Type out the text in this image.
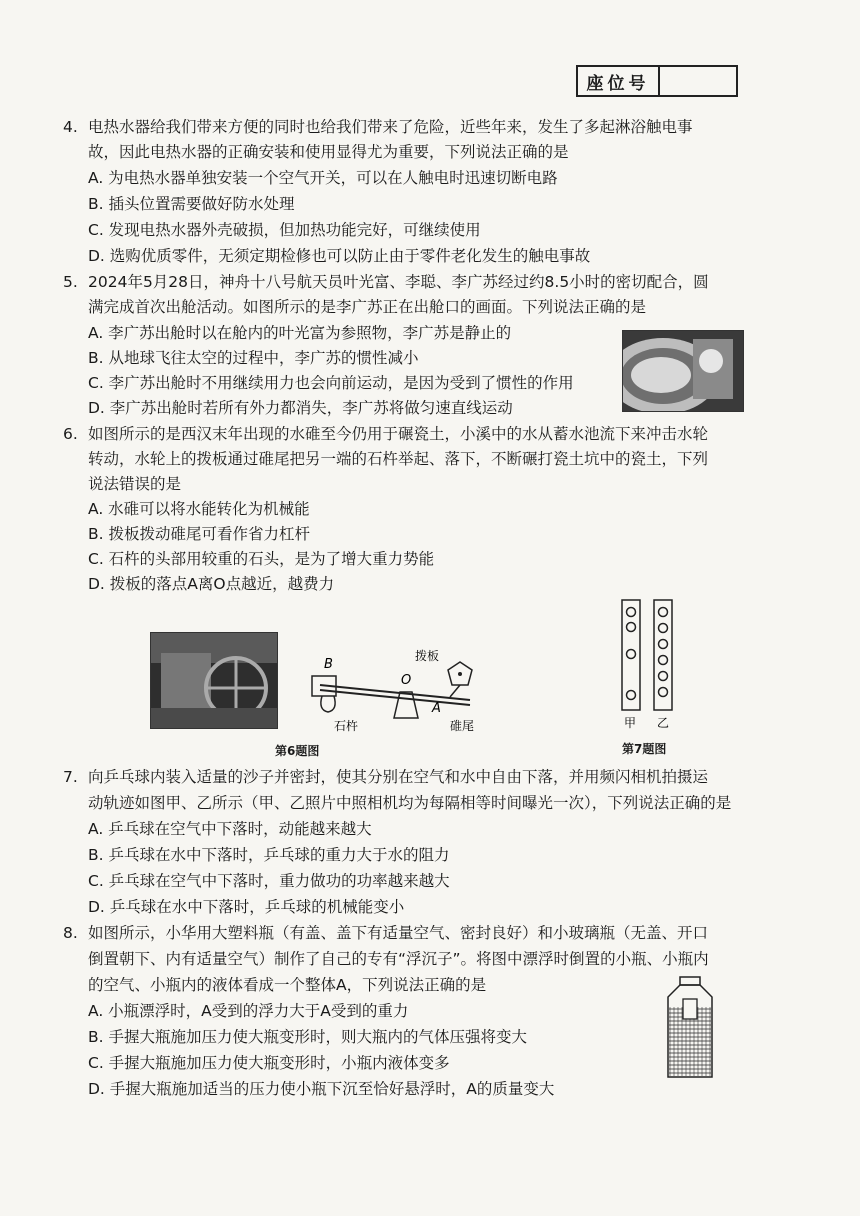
座位号
4. 电热水器给我们带来方便的同时也给我们带来了危险，近些年来，发生了多起淋浴触电事
故，因此电热水器的正确安装和使用显得尤为重要，下列说法正确的是
A. 为电热水器单独安装一个空气开关，可以在人触电时迅速切断电路
B. 插头位置需要做好防水处理
C. 发现电热水器外壳破损，但加热功能完好，可继续使用
D. 选购优质零件，无须定期检修也可以防止由于零件老化发生的触电事故
5. 2024年5月28日，神舟十八号航天员叶光富、李聪、李广苏经过约8.5小时的密切配合，圆
满完成首次出舱活动。如图所示的是李广苏正在出舱口的画面。下列说法正确的是
A. 李广苏出舱时以在舱内的叶光富为参照物，李广苏是静止的
B. 从地球飞往太空的过程中，李广苏的惯性减小
C. 李广苏出舱时不用继续用力也会向前运动，是因为受到了惯性的作用
D. 李广苏出舱时若所有外力都消失，李广苏将做匀速直线运动
6. 如图所示的是西汉末年出现的水碓至今仍用于碾瓷土，小溪中的水从蓄水池流下来冲击水轮
转动，水轮上的拨板通过碓尾把另一端的石杵举起、落下，不断碾打瓷土坑中的瓷土，下列
说法错误的是
A. 水碓可以将水能转化为机械能
B. 拨板拨动碓尾可看作省力杠杆
C. 石杵的头部用较重的石头，是为了增大重力势能
D. 拨板的落点A离O点越近，越费力
B
O
A
石杵
拨板
碓尾
第6题图
甲 乙
第7题图
7. 向乒乓球内装入适量的沙子并密封，使其分别在空气和水中自由下落，并用频闪相机拍摄运
动轨迹如图甲、乙所示（甲、乙照片中照相机均为每隔相等时间曝光一次），下列说法正确的是
A. 乒乓球在空气中下落时，动能越来越大
B. 乒乓球在水中下落时，乒乓球的重力大于水的阻力
C. 乒乓球在空气中下落时，重力做功的功率越来越大
D. 乒乓球在水中下落时，乒乓球的机械能变小
8. 如图所示，小华用大塑料瓶（有盖、盖下有适量空气、密封良好）和小玻璃瓶（无盖、开口
倒置朝下、内有适量空气）制作了自己的专有“浮沉子”。将图中漂浮时倒置的小瓶、小瓶内
的空气、小瓶内的液体看成一个整体A，下列说法正确的是
A. 小瓶漂浮时，A受到的浮力大于A受到的重力
B. 手握大瓶施加压力使大瓶变形时，则大瓶内的气体压强将变大
C. 手握大瓶施加压力使大瓶变形时，小瓶内液体变多
D. 手握大瓶施加适当的压力使小瓶下沉至恰好悬浮时，A的质量变大
